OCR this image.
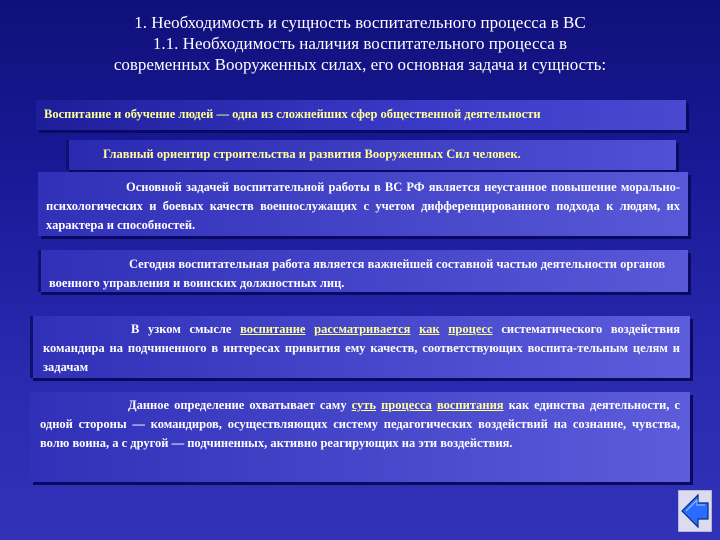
1. Необходимость и сущность воспитательного процесса в ВС
1.1. Необходимость наличия воспитательного процесса в
современных Вооруженных силах, его основная задача и сущность:
Воспитание и обучение людей — одна из сложнейших сфер общественной деятельности
Главный ориентир строительства и развития Вооруженных Сил человек.
Основной задачей воспитательной работы в ВС РФ является неустанное повышение морально-психологических и боевых качеств военнослужащих с учетом дифференцированного подхода к людям, их характера и способностей.
Сегодня воспитательная работа является важнейшей составной частью деятельности органов военного управления и воинских должностных лиц.
В узком смысле воспитание рассматривается как процесс систематического воздействия командира на подчиненного в интересах привития ему качеств, соответствующих воспита-тельным целям и задачам
Данное определение охватывает саму суть процесса воспитания как единства деятельности, с одной стороны — командиров, осуществляющих систему педагогических воздействий на сознание, чувства, волю воина, а с другой — подчиненных, активно реагирующих на эти воздействия.
